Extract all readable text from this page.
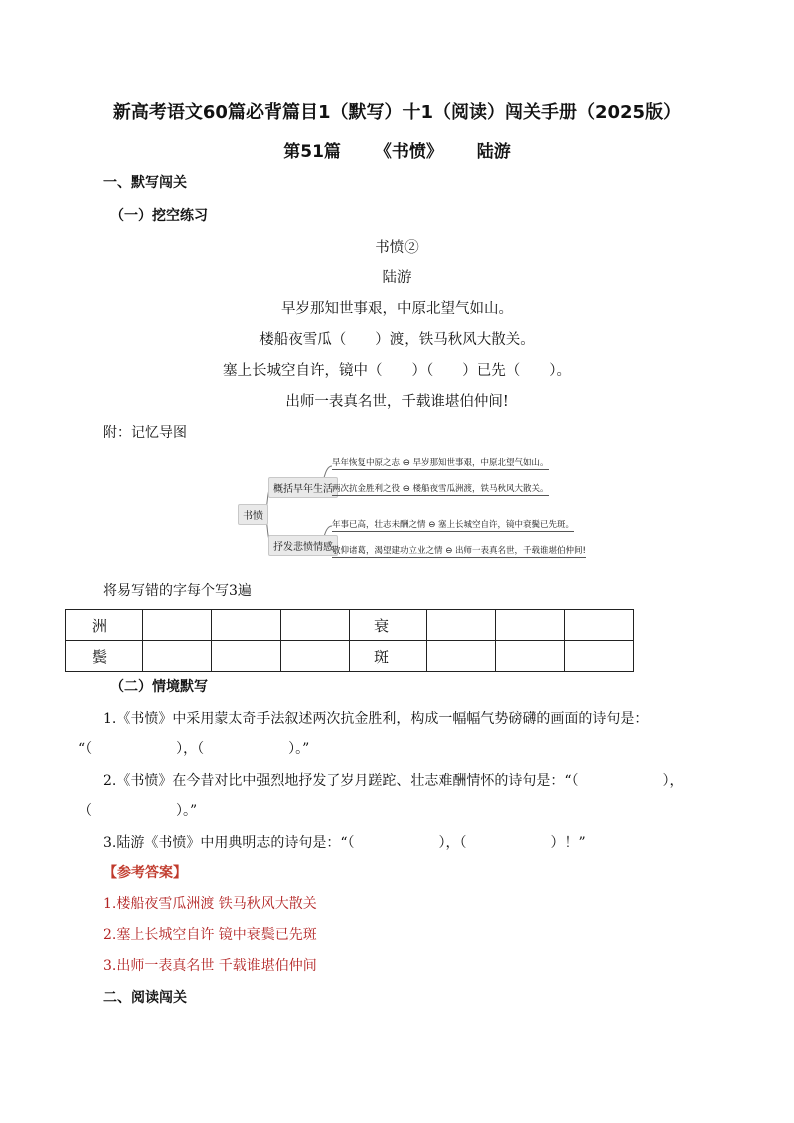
新高考语文60篇必背篇目1（默写）十1（阅读）闯关手册（2025版）
第51篇 《书愤》 陆游
一、默写闯关
（一）挖空练习
书愤②
陆游
早岁那知世事艰，中原北望气如山。
楼船夜雪瓜（　　）渡，铁马秋风大散关。
塞上长城空自许，镜中（　　）（　　）已先（　　）。
出师一表真名世，千载谁堪伯仲间!
附：记忆导图
书愤
概括早年生活
抒发悲愤情感
早年恢复中原之志 ⊖ 早岁那知世事艰，中原北望气如山。
两次抗金胜利之役 ⊖ 楼船夜雪瓜洲渡，铁马秋风大散关。
年事已高，壮志未酬之情 ⊖ 塞上长城空自许，镜中衰鬓已先斑。
敬仰诸葛，渴望建功立业之情 ⊖ 出师一表真名世，千载谁堪伯仲间!
将易写错的字每个写3遍
洲				衰			
鬓				斑			
（二）情境默写
1.《书愤》中采用蒙太奇手法叙述两次抗金胜利，构成一幅幅气势磅礴的画面的诗句是：
“（　　　　　　），（　　　　　　）。”
2.《书愤》在今昔对比中强烈地抒发了岁月蹉跎、壮志难酬情怀的诗句是：“（　　　　　　），
（　　　　　　）。”
3.陆游《书愤》中用典明志的诗句是：“（　　　　　　），（　　　　　　）！”
【参考答案】
1.楼船夜雪瓜洲渡 铁马秋风大散关
2.塞上长城空自许 镜中衰鬓已先斑
3.出师一表真名世 千载谁堪伯仲间
二、阅读闯关
